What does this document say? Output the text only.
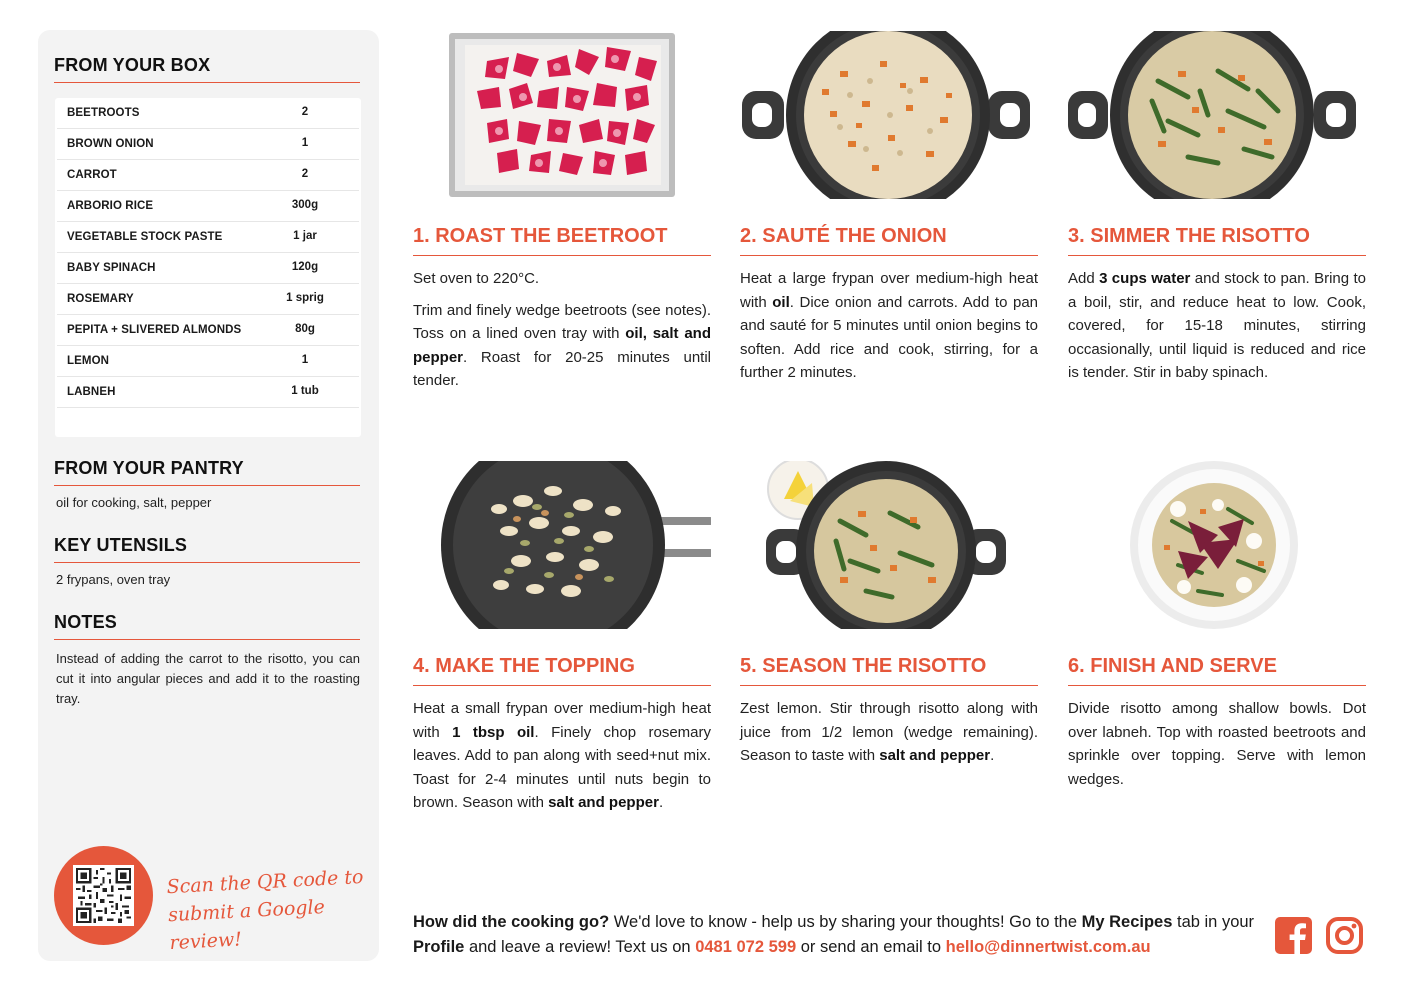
FROM YOUR BOX
BEETROOTS	2
BROWN ONION	1
CARROT	2
ARBORIO RICE	300g
VEGETABLE STOCK PASTE	1 jar
BABY SPINACH	120g
ROSEMARY	1 sprig
PEPITA + SLIVERED ALMONDS	80g
LEMON	1
LABNEH	1 tub
FROM YOUR PANTRY
oil for cooking, salt, pepper
KEY UTENSILS
2 frypans, oven tray
NOTES
Instead of adding the carrot to the risotto, you can cut it into angular pieces and add it to the roasting tray.
Scan the QR code to
submit a Google review!
1. ROAST THE BEETROOT

Set oven to 220°C.

Trim and finely wedge beetroots (see notes). Toss on a lined oven tray with oil, salt and pepper. Roast for 20-25 minutes until tender.

2. SAUTÉ THE ONION

Heat a large frypan over medium-high heat with oil. Dice onion and carrots. Add to pan and sauté for 5 minutes until onion begins to soften. Add rice and cook, stirring, for a further 2 minutes.

3. SIMMER THE RISOTTO

Add 3 cups water and stock to pan. Bring to a boil, stir, and reduce heat to low. Cook, covered, for 15-18 minutes, stirring occasionally, until liquid is reduced and rice is tender. Stir in baby spinach.

4. MAKE THE TOPPING

Heat a small frypan over medium-high heat with 1 tbsp oil. Finely chop rosemary leaves. Add to pan along with seed+nut mix. Toast for 2-4 minutes until nuts begin to brown. Season with salt and pepper.

5. SEASON THE RISOTTO

Zest lemon. Stir through risotto along with juice from 1/2 lemon (wedge remaining). Season to taste with salt and pepper.

6. FINISH AND SERVE

Divide risotto among shallow bowls. Dot over labneh. Top with roasted beetroots and sprinkle over topping. Serve with lemon wedges.

How did the cooking go? We'd love to know - help us by sharing your thoughts! Go to the My Recipes tab in your Profile and leave a review! Text us on 0481 072 599 or send an email to hello@dinnertwist.com.au
